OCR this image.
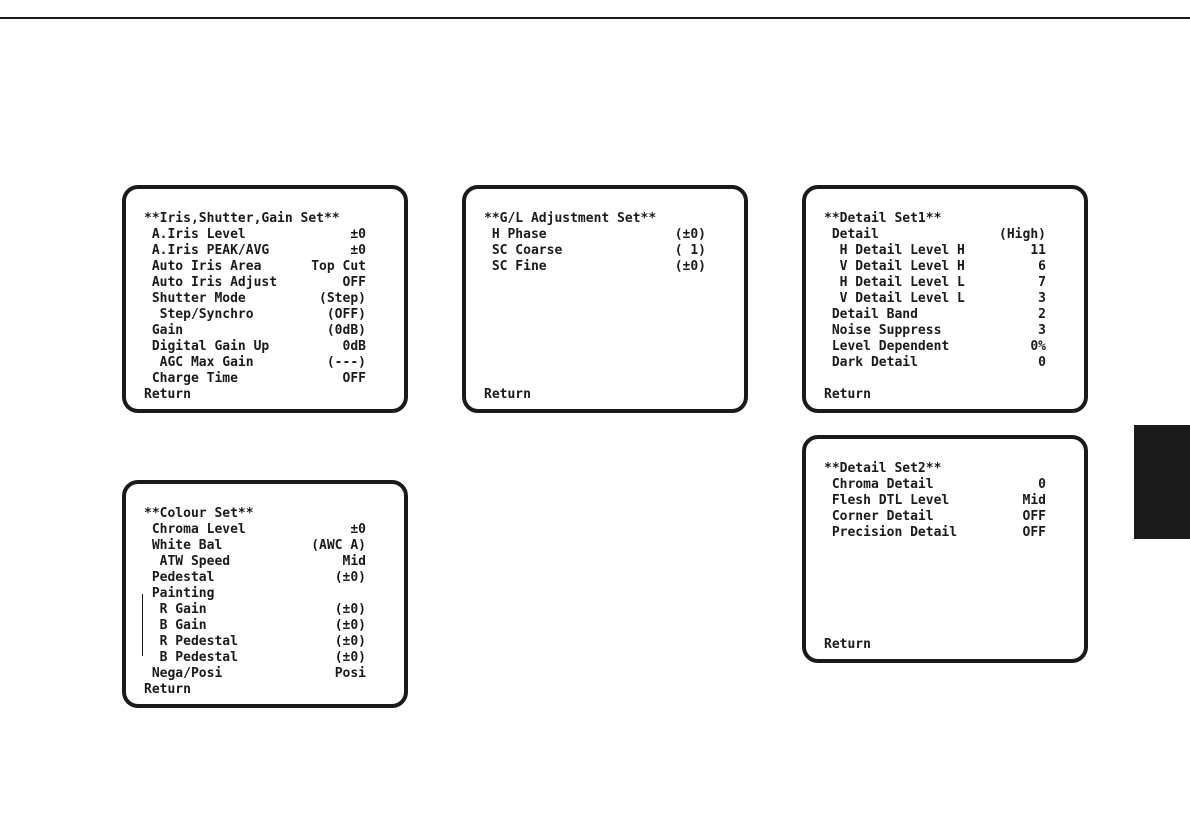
**Iris,Shutter,Gain Set**
A.Iris Level	±0
A.Iris PEAK/AVG	±0
Auto Iris Area	Top Cut
Auto Iris Adjust	OFF
Shutter Mode	(Step)
Step/Synchro	(OFF)
Gain	(0dB)
Digital Gain Up	0dB
AGC Max Gain	(---)
Charge Time	OFF
Return
**G/L Adjustment Set**
H Phase	(±0)
SC Coarse	( 1)
SC Fine	(±0)
Return
**Detail Set1**
Detail	(High)
H Detail Level H	11
V Detail Level H	6
H Detail Level L	7
V Detail Level L	3
Detail Band	2
Noise Suppress	3
Level Dependent	0%
Dark Detail	0
Return
**Colour Set**
Chroma Level	±0
White Bal	(AWC A)
ATW Speed	Mid
Pedestal	(±0)
Painting
R Gain	(±0)
B Gain	(±0)
R Pedestal	(±0)
B Pedestal	(±0)
Nega/Posi	Posi
Return
**Detail Set2**
Chroma Detail	0
Flesh DTL Level	Mid
Corner Detail	OFF
Precision Detail	OFF
Return
